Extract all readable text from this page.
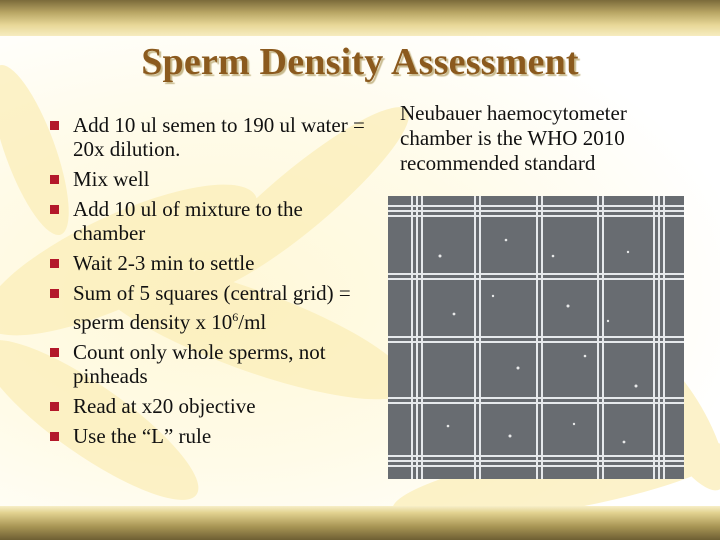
Sperm Density Assessment
Add 10 ul semen to 190 ul water = 20x dilution.
Mix well
Add 10 ul of mixture to the chamber
Wait 2-3 min to settle
Sum of 5 squares (central grid) = sperm density x $10^6/ml$
Count only whole sperms, not pinheads
Read at x20 objective
Use the “L” rule
Neubauer haemocytometer chamber is the WHO 2010 recommended standard
